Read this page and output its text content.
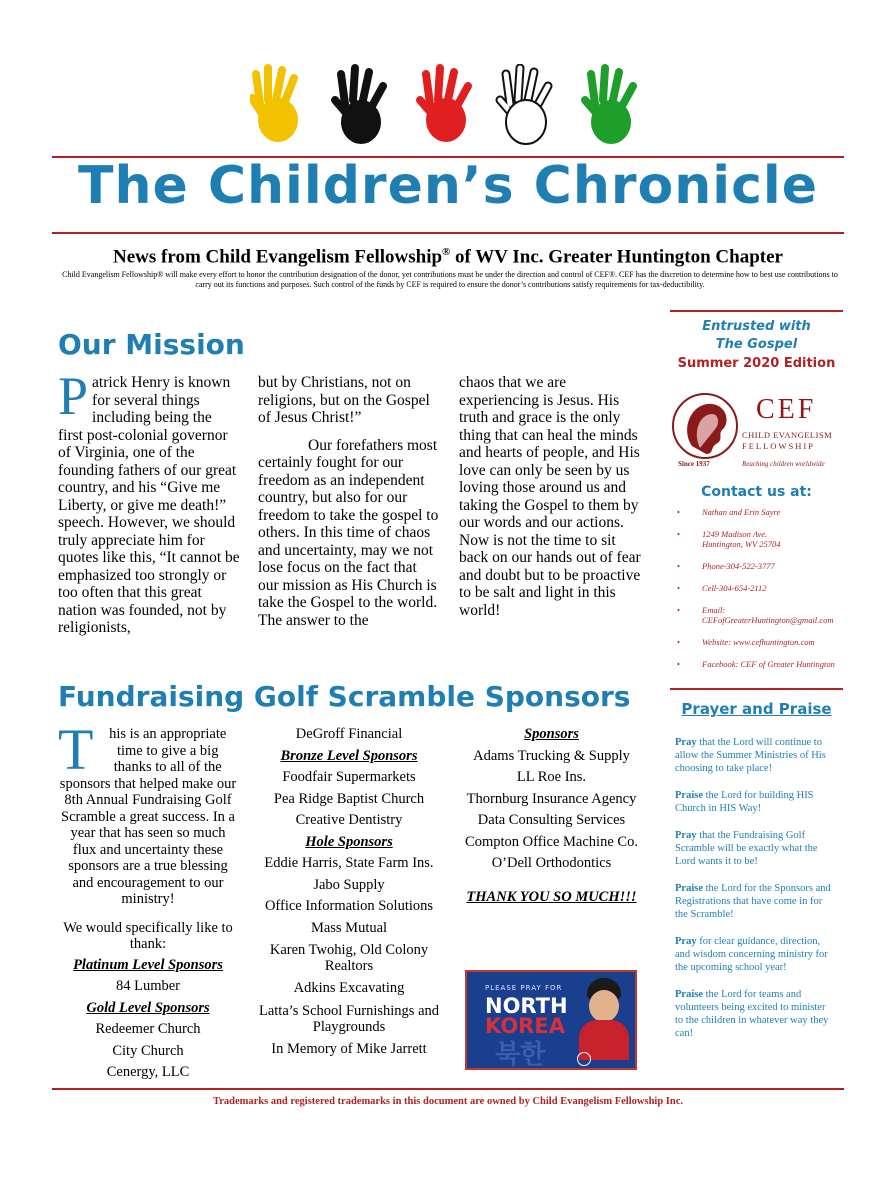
The Children’s Chronicle
News from Child Evangelism Fellowship® of WV Inc. Greater Huntington Chapter
Child Evangelism Fellowship® will make every effort to honor the contribution designation of the donor, yet contributions must be under the direction and control of CEF®. CEF has the discretion to determine how to best use contributions to carry out its functions and purposes. Such control of the funds by CEF is required to ensure the donor’s contributions satisfy requirements for tax-deductibility.
Our Mission
Patrick Henry is known for several things including being the first post-colonial governor of Virginia, one of the founding fathers of our great country, and his “Give me Liberty, or give me death!” speech. However, we should truly appreciate him for quotes like this, “It cannot be emphasized too strongly or too often that this great nation was founded, not by religionists,
but by Christians, not on religions, but on the Gospel of Jesus Christ!”
Our forefathers most certainly fought for our freedom as an independent country, but also for our freedom to take the gospel to others. In this time of chaos and uncertainty, may we not lose focus on the fact that our mission as His Church is take the Gospel to the world. The answer to the
chaos that we are experiencing is Jesus. His truth and grace is the only thing that can heal the minds and hearts of people, and His love can only be seen by us loving those around us and taking the Gospel to them by our words and our actions. Now is not the time to sit back on our hands out of fear and doubt but to be proactive to be salt and light in this world!
Entrusted with
The Gospel
Summer 2020 Edition
CEF
CHILD EVANGELISM
FELLOWSHIP
Since 1937	Reaching children worldwide
Contact us at:
• Nathan and Erin Sayre
• 1249 Madison Ave.
Huntington, WV 25704
• Phone-304-522-3777
• Cell-304-654-2112
• Email:
CEFofGreaterHuntington@gmail.com
• Website: www.cefhuntington.com
• Facebook: CEF of Greater Huntington
Prayer and Praise
Pray that the Lord will continue to allow the Summer Ministries of His choosing to take place!
Praise the Lord for building HIS Church in HIS Way!
Pray that the Fundraising Golf Scramble will be exactly what the Lord wants it to be!
Praise the Lord for the Sponsors and Registrations that have come in for the Scramble!
Pray for clear guidance, direction, and wisdom concerning ministry for the upcoming school year!
Praise the Lord for teams and volunteers being excited to minister to the children in whatever way they can!
Fundraising Golf Scramble Sponsors
T his is an appropriate time to give a big thanks to all of the sponsors that helped make our 8th Annual Fundraising Golf Scramble a great success. In a year that has seen so much flux and uncertainty these sponsors are a true blessing and encouragement to our ministry!
We would specifically like to thank:
Platinum Level Sponsors
84 Lumber
Gold Level Sponsors
Redeemer Church
City Church
Cenergy, LLC
DeGroff Financial
Bronze Level Sponsors
Foodfair Supermarkets
Pea Ridge Baptist Church
Creative Dentistry
Hole Sponsors
Eddie Harris, State Farm Ins.
Jabo Supply
Office Information Solutions
Mass Mutual
Karen Twohig, Old Colony Realtors
Adkins Excavating
Latta’s School Furnishings and Playgrounds
In Memory of Mike Jarrett
Sponsors
Adams Trucking & Supply
LL Roe Ins.
Thornburg Insurance Agency
Data Consulting Services
Compton Office Machine Co.
O’Dell Orthodontics
THANK YOU SO MUCH!!!
PLEASE PRAY FOR
NORTH
KOREA
북한
Trademarks and registered trademarks in this document are owned by Child Evangelism Fellowship Inc.
